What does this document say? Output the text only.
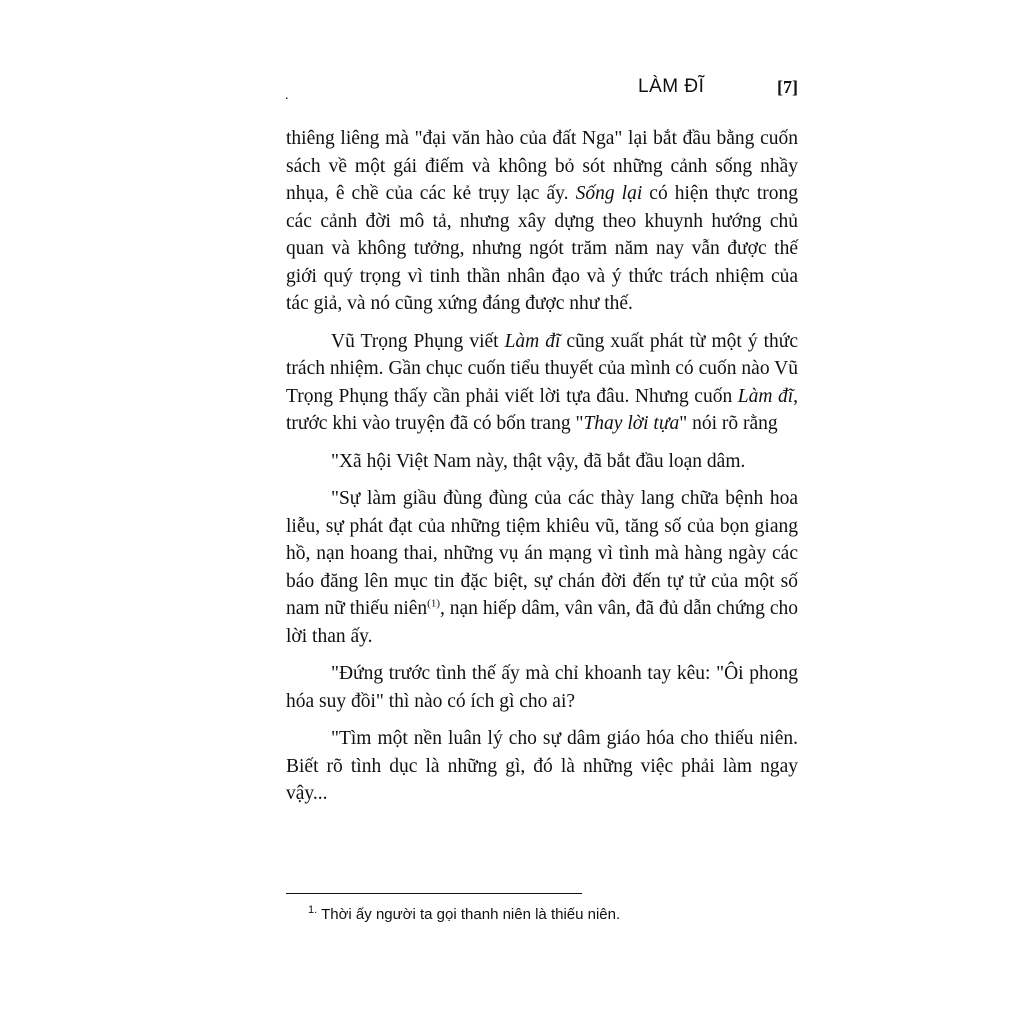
LÀM ĐĨ	[7]
.

thiêng liêng mà "đại văn hào của đất Nga" lại bắt đầu bằng cuốn sách về một gái điếm và không bỏ sót những cảnh sống nhầy nhụa, ê chề của các kẻ trụy lạc ấy. Sống lại có hiện thực trong các cảnh đời mô tả, nhưng xây dựng theo khuynh hướng chủ quan và không tưởng, nhưng ngót trăm năm nay vẫn được thế giới quý trọng vì tinh thần nhân đạo và ý thức trách nhiệm của tác giả, và nó cũng xứng đáng được như thế.

Vũ Trọng Phụng viết Làm đĩ cũng xuất phát từ một ý thức trách nhiệm. Gần chục cuốn tiểu thuyết của mình có cuốn nào Vũ Trọng Phụng thấy cần phải viết lời tựa đâu. Nhưng cuốn Làm đĩ, trước khi vào truyện đã có bốn trang "Thay lời tựa" nói rõ rằng

"Xã hội Việt Nam này, thật vậy, đã bắt đầu loạn dâm.

"Sự làm giầu đùng đùng của các thày lang chữa bệnh hoa liễu, sự phát đạt của những tiệm khiêu vũ, tăng số của bọn giang hồ, nạn hoang thai, những vụ án mạng vì tình mà hàng ngày các báo đăng lên mục tin đặc biệt, sự chán đời đến tự tử của một số nam nữ thiếu niên$^{(1)}$, nạn hiếp dâm, vân vân, đã đủ dẫn chứng cho lời than ấy.

"Đứng trước tình thế ấy mà chỉ khoanh tay kêu: "Ôi phong hóa suy đồi" thì nào có ích gì cho ai?

"Tìm một nền luân lý cho sự dâm giáo hóa cho thiếu niên. Biết rõ tình dục là những gì, đó là những việc phải làm ngay vậy...

$^{1.}$ Thời ấy người ta gọi thanh niên là thiếu niên.
